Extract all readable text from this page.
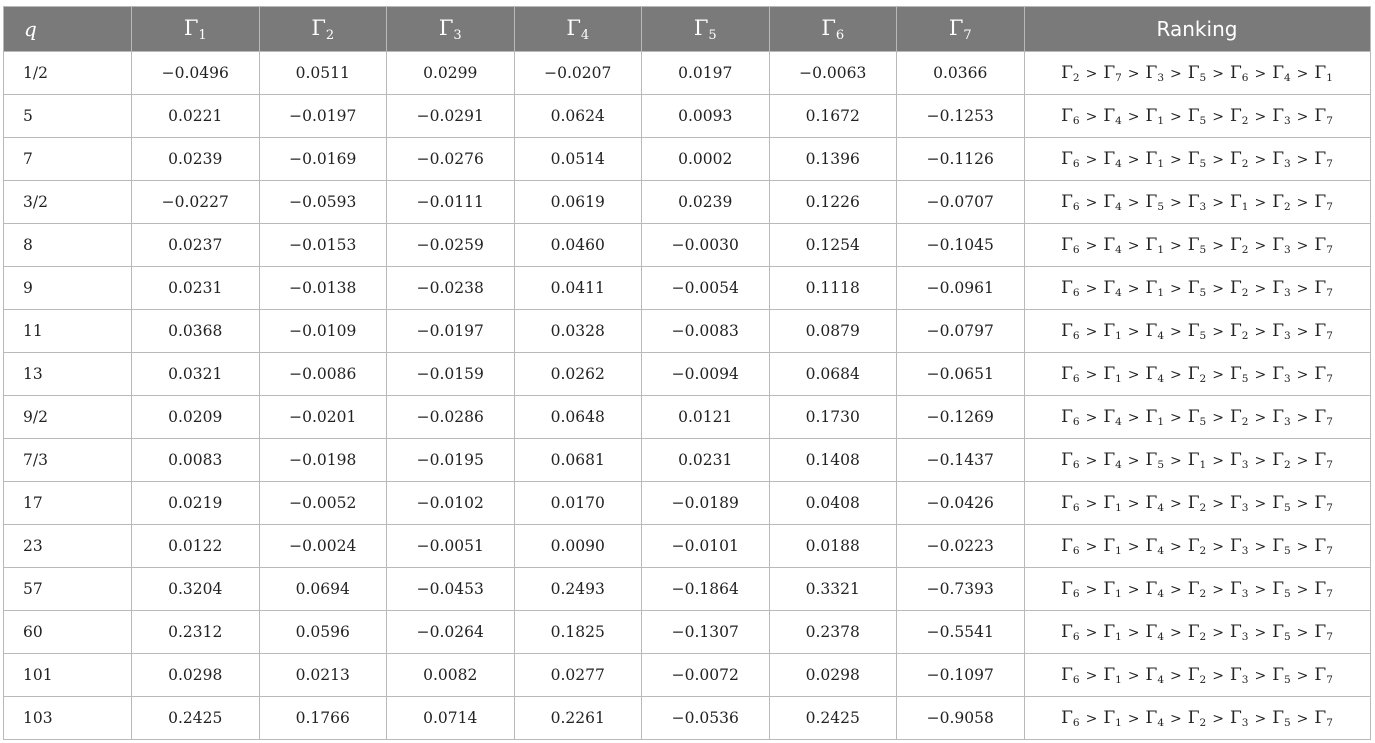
q	$\Gamma_1$	$\Gamma_2$	$\Gamma_3$	$\Gamma_4$	$\Gamma_5$	$\Gamma_6$	$\Gamma_7$	Ranking
1/2	−0.0496	0.0511	0.0299	−0.0207	0.0197	−0.0063	0.0366	Γ2 > Γ7 > Γ3 > Γ5 > Γ6 > Γ4 > Γ1
5	0.0221	−0.0197	−0.0291	0.0624	0.0093	0.1672	−0.1253	Γ6 > Γ4 > Γ1 > Γ5 > Γ2 > Γ3 > Γ7
7	0.0239	−0.0169	−0.0276	0.0514	0.0002	0.1396	−0.1126	Γ6 > Γ4 > Γ1 > Γ5 > Γ2 > Γ3 > Γ7
3/2	−0.0227	−0.0593	−0.0111	0.0619	0.0239	0.1226	−0.0707	Γ6 > Γ4 > Γ5 > Γ3 > Γ1 > Γ2 > Γ7
8	0.0237	−0.0153	−0.0259	0.0460	−0.0030	0.1254	−0.1045	Γ6 > Γ4 > Γ1 > Γ5 > Γ2 > Γ3 > Γ7
9	0.0231	−0.0138	−0.0238	0.0411	−0.0054	0.1118	−0.0961	Γ6 > Γ4 > Γ1 > Γ5 > Γ2 > Γ3 > Γ7
11	0.0368	−0.0109	−0.0197	0.0328	−0.0083	0.0879	−0.0797	Γ6 > Γ1 > Γ4 > Γ5 > Γ2 > Γ3 > Γ7
13	0.0321	−0.0086	−0.0159	0.0262	−0.0094	0.0684	−0.0651	Γ6 > Γ1 > Γ4 > Γ2 > Γ5 > Γ3 > Γ7
9/2	0.0209	−0.0201	−0.0286	0.0648	0.0121	0.1730	−0.1269	Γ6 > Γ4 > Γ1 > Γ5 > Γ2 > Γ3 > Γ7
7/3	0.0083	−0.0198	−0.0195	0.0681	0.0231	0.1408	−0.1437	Γ6 > Γ4 > Γ5 > Γ1 > Γ3 > Γ2 > Γ7
17	0.0219	−0.0052	−0.0102	0.0170	−0.0189	0.0408	−0.0426	Γ6 > Γ1 > Γ4 > Γ2 > Γ3 > Γ5 > Γ7
23	0.0122	−0.0024	−0.0051	0.0090	−0.0101	0.0188	−0.0223	Γ6 > Γ1 > Γ4 > Γ2 > Γ3 > Γ5 > Γ7
57	0.3204	0.0694	−0.0453	0.2493	−0.1864	0.3321	−0.7393	Γ6 > Γ1 > Γ4 > Γ2 > Γ3 > Γ5 > Γ7
60	0.2312	0.0596	−0.0264	0.1825	−0.1307	0.2378	−0.5541	Γ6 > Γ1 > Γ4 > Γ2 > Γ3 > Γ5 > Γ7
101	0.0298	0.0213	0.0082	0.0277	−0.0072	0.0298	−0.1097	Γ6 > Γ1 > Γ4 > Γ2 > Γ3 > Γ5 > Γ7
103	0.2425	0.1766	0.0714	0.2261	−0.0536	0.2425	−0.9058	Γ6 > Γ1 > Γ4 > Γ2 > Γ3 > Γ5 > Γ7
